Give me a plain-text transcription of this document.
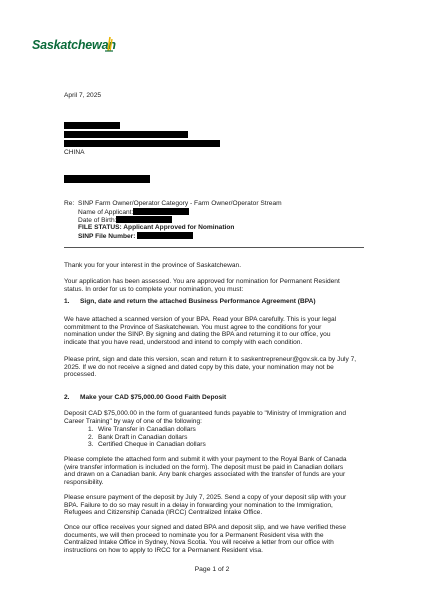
Saskatchewan
April 7, 2025
CHINA
Re: SINP Farm Owner/Operator Category - Farm Owner/Operator Stream
Name of Applicant:
Date of Birth:
FILE STATUS: Applicant Approved for Nomination
SINP File Number:
Thank you for your interest in the province of Saskatchewan.
Your application has been assessed. You are approved for nomination for Permanent Resident
status. In order for us to complete your nomination, you must:
1. Sign, date and return the attached Business Performance Agreement (BPA)
We have attached a scanned version of your BPA. Read your BPA carefully. This is your legal
commitment to the Province of Saskatchewan. You must agree to the conditions for your
nomination under the SINP. By signing and dating the BPA and returning it to our office, you
indicate that you have read, understood and intend to comply with each condition.
Please print, sign and date this version, scan and return it to saskentrepreneur@gov.sk.ca by July 7,
2025. If we do not receive a signed and dated copy by this date, your nomination may not be
processed.
2. Make your CAD $75,000.00 Good Faith Deposit
Deposit CAD $75,000.00 in the form of guaranteed funds payable to "Ministry of Immigration and
Career Training" by way of one of the following:
1. Wire Transfer in Canadian dollars
2. Bank Draft in Canadian dollars
3. Certified Cheque in Canadian dollars
Please complete the attached form and submit it with your payment to the Royal Bank of Canada
(wire transfer information is included on the form). The deposit must be paid in Canadian dollars
and drawn on a Canadian bank. Any bank charges associated with the transfer of funds are your
responsibility.
Please ensure payment of the deposit by July 7, 2025. Send a copy of your deposit slip with your
BPA. Failure to do so may result in a delay in forwarding your nomination to the Immigration,
Refugees and Citizenship Canada (IRCC) Centralized Intake Office.
Once our office receives your signed and dated BPA and deposit slip, and we have verified these
documents, we will then proceed to nominate you for a Permanent Resident visa with the
Centralized Intake Office in Sydney, Nova Scotia. You will receive a letter from our office with
instructions on how to apply to IRCC for a Permanent Resident visa.
Page 1 of 2
